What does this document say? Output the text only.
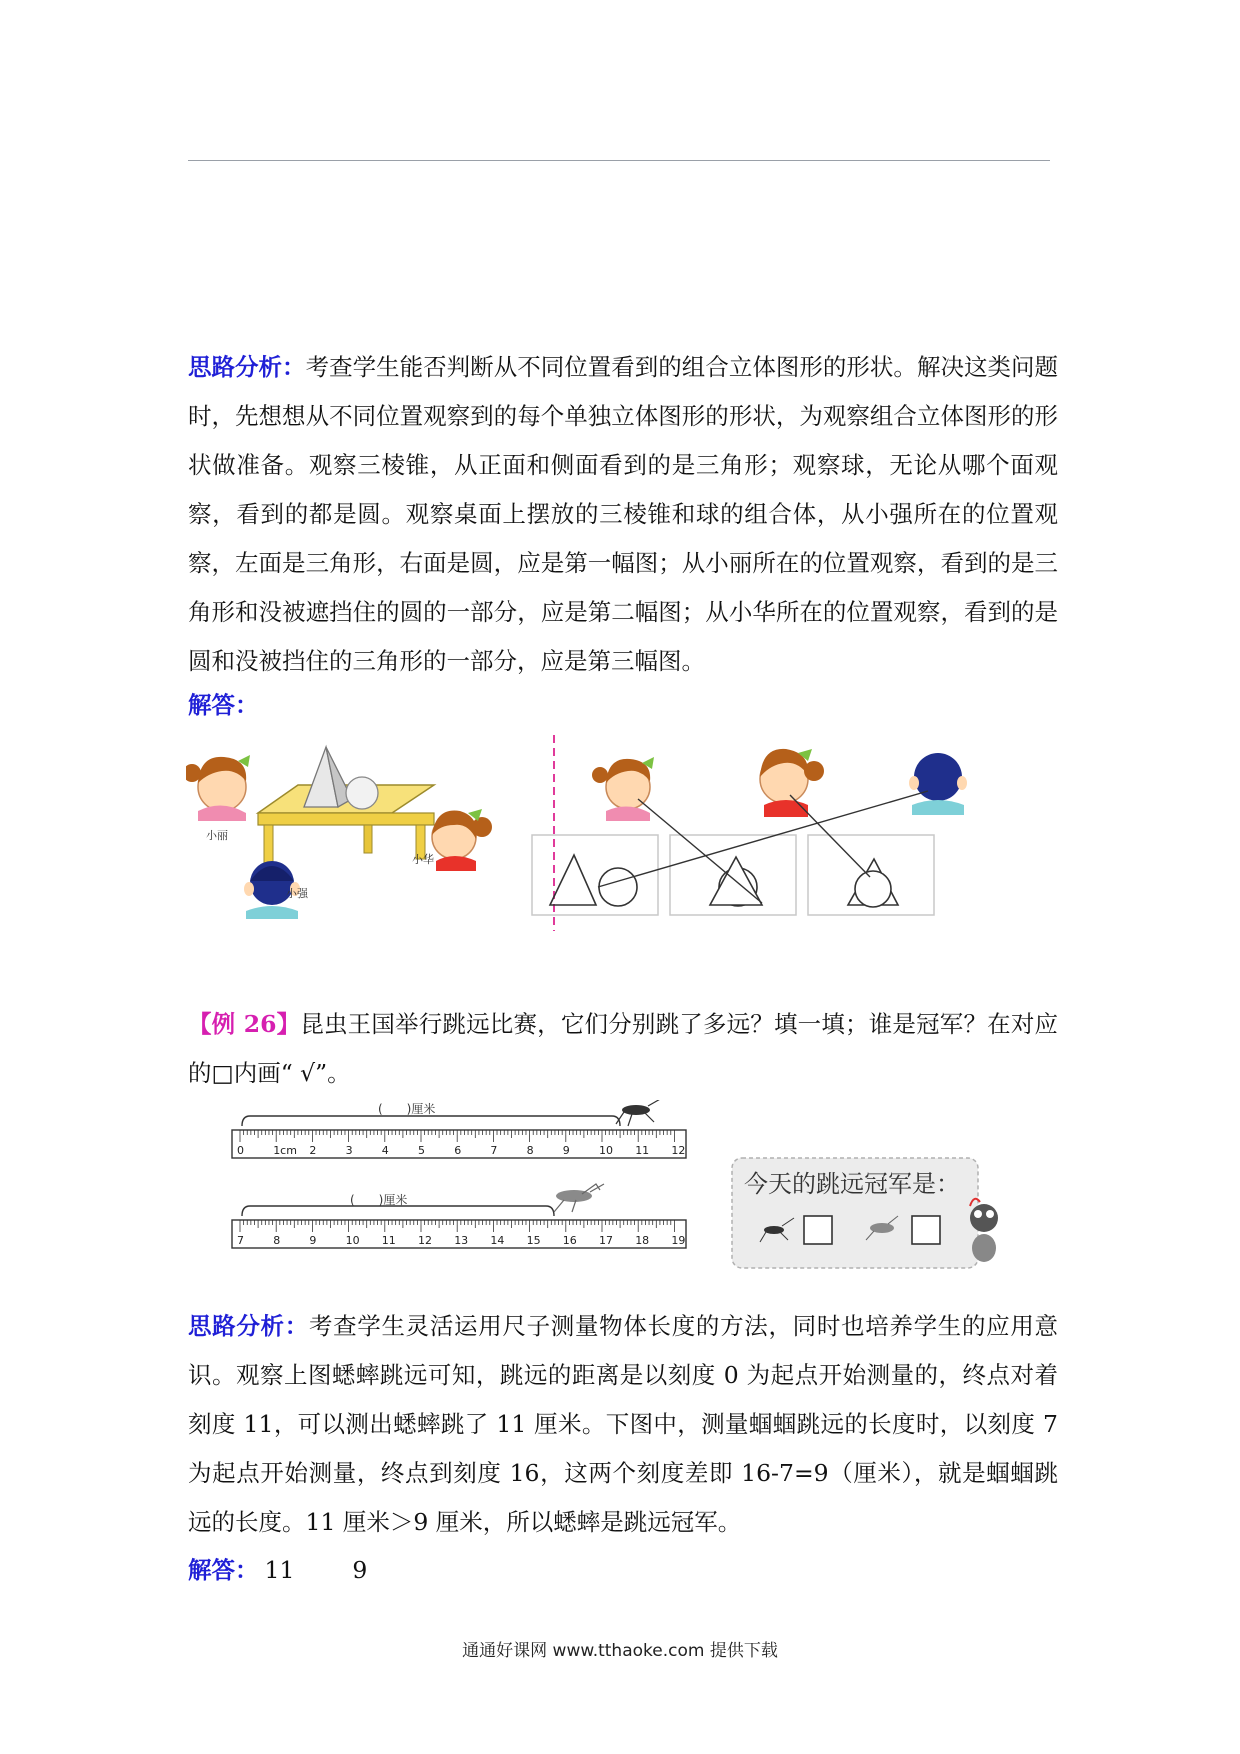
思路分析：考查学生能否判断从不同位置看到的组合立体图形的形状。解决这类问题时，先想想从不同位置观察到的每个单独立体图形的形状，为观察组合立体图形的形状做准备。观察三棱锥，从正面和侧面看到的是三角形；观察球，无论从哪个面观察，看到的都是圆。观察桌面上摆放的三棱锥和球的组合体，从小强所在的位置观察，左面是三角形，右面是圆，应是第一幅图；从小丽所在的位置观察，看到的是三角形和没被遮挡住的圆的一部分，应是第二幅图；从小华所在的位置观察，看到的是圆和没被挡住的三角形的一部分，应是第三幅图。

解答：

小丽
小强
小华

【例 26】昆虫王国举行跳远比赛，它们分别跳了多远？填一填；谁是冠军？在对应的□内画“ √”。

(　　)厘米
0	1cm 2	3	4	5	6	7	8	9	10 11 12
(　　)厘米
7	8	9	10 11 12 13 14 15 16 17 18 19
今天的跳远冠军是：

思路分析：考查学生灵活运用尺子测量物体长度的方法，同时也培养学生的应用意识。观察上图蟋蟀跳远可知，跳远的距离是以刻度 0 为起点开始测量的，终点对着刻度 11，可以测出蟋蟀跳了 11 厘米。下图中，测量蝈蝈跳远的长度时，以刻度 7 为起点开始测量，终点到刻度 16，这两个刻度差即 16-7=9（厘米），就是蝈蝈跳远的长度。11 厘米＞9 厘米，所以蟋蟀是跳远冠军。

解答： 11 9

通通好课网 www.tthaoke.com 提供下载
